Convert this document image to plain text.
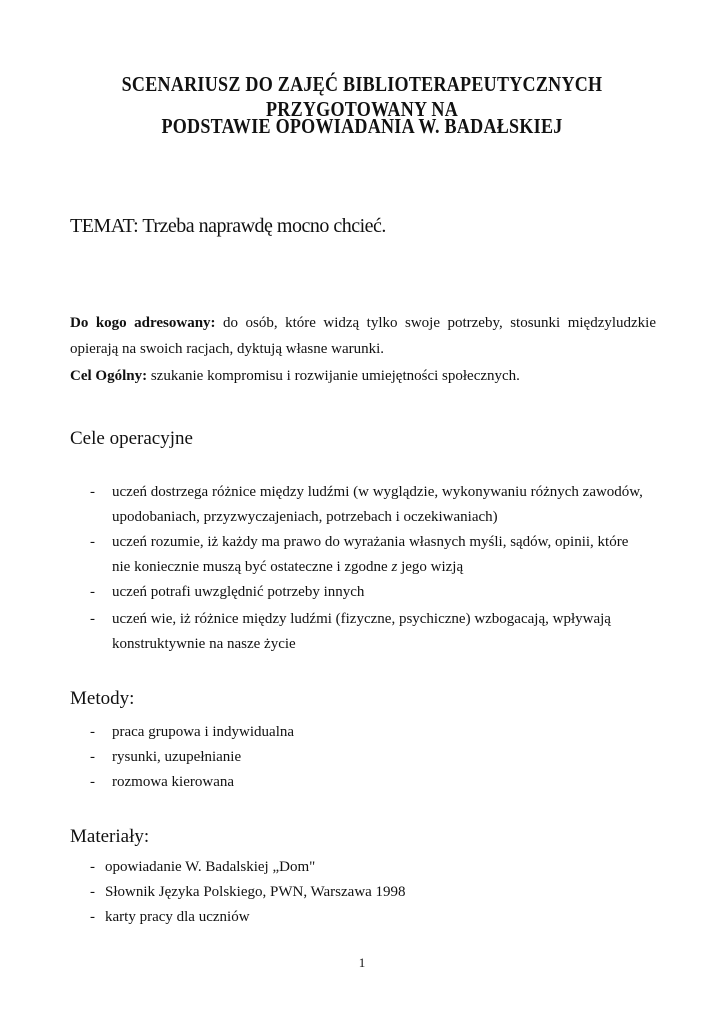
SCENARIUSZ DO ZAJĘĆ BIBLIOTERAPEUTYCZNYCH PRZYGOTOWANY NA
PODSTAWIE OPOWIADANIA W. BADAŁSKIEJ
TEMAT: Trzeba naprawdę mocno chcieć.
Do kogo adresowany: do osób, które widzą tylko swoje potrzeby, stosunki międzyludzkie opierają na swoich racjach, dyktują własne warunki.
Cel Ogólny: szukanie kompromisu i rozwijanie umiejętności społecznych.
Cele operacyjne
- uczeń dostrzega różnice między ludźmi (w wyglądzie, wykonywaniu różnych zawodów,
upodobaniach, przyzwyczajeniach, potrzebach i oczekiwaniach)
- uczeń rozumie, iż każdy ma prawo do wyrażania własnych myśli, sądów, opinii, które
nie koniecznie muszą być ostateczne i zgodne z jego wizją
- uczeń potrafi uwzględnić potrzeby innych
- uczeń wie, iż różnice między ludźmi (fizyczne, psychiczne) wzbogacają, wpływają
konstruktywnie na nasze życie
Metody:
- praca grupowa i indywidualna
- rysunki, uzupełnianie
- rozmowa kierowana
Materiały:
- opowiadanie W. Badalskiej „Dom"
- Słownik Języka Polskiego, PWN, Warszawa 1998
- karty pracy dla uczniów
1
